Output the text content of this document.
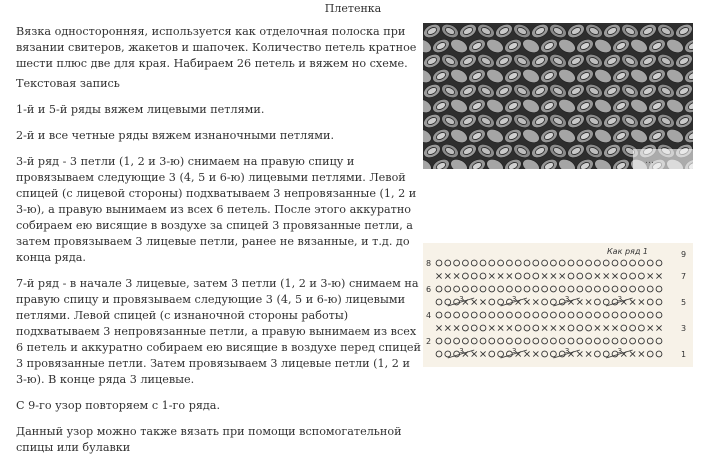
Плетенка

Вязка односторонняя, используется как отделочная полоска при вязании свитеров, жакетов и шапочек. Количество петель кратное шести плюс две для края. Набираем 26 петель и вяжем но схеме.

Текстовая запись

1-й и 5-й ряды вяжем лицевыми петлями.

2-й и все четные ряды вяжем изнаночными петлями.

3-й ряд - 3 петли (1, 2 и 3-ю) снимаем на правую спицу и провязываем следующие 3 (4, 5 и 6-ю) лицевыми петлями. Левой спицей (с лицевой стороны) подхватываем 3 непровязанные (1, 2 и 3-ю), а правую вынимаем из всех 6 петель. После этого аккуратно собираем ею висящие в воздухе за спицей 3 провязанные петли, а затем провязываем 3 лицевые петли, ранее не вязанные, и т.д. до конца ряда.

7-й ряд - в начале 3 лицевые, затем 3 петли (1, 2 и 3-ю) снимаем на правую спицу и провязываем следующие 3 (4, 5 и 6-ю) лицевыми петлями. Левой спицей (с изнаночной стороны работы) подхватываем 3 непровязанные петли, а правую вынимаем из всех 6 петель и аккуратно собираем ею висящие в воздухе перед спицей 3 провязанные петли. Затем провязываем 3 лицевые петли (1, 2 и 3-ю). В конце ряда 3 лицевые.

С 9-го узор повторяем с 1-го ряда.

Данный узор можно также вязать при помощи вспомогательной спицы или булавки

…
Как ряд 1
3	3	3	3
3	3	3	3
8
6
4
2
9
7
5
3
1
